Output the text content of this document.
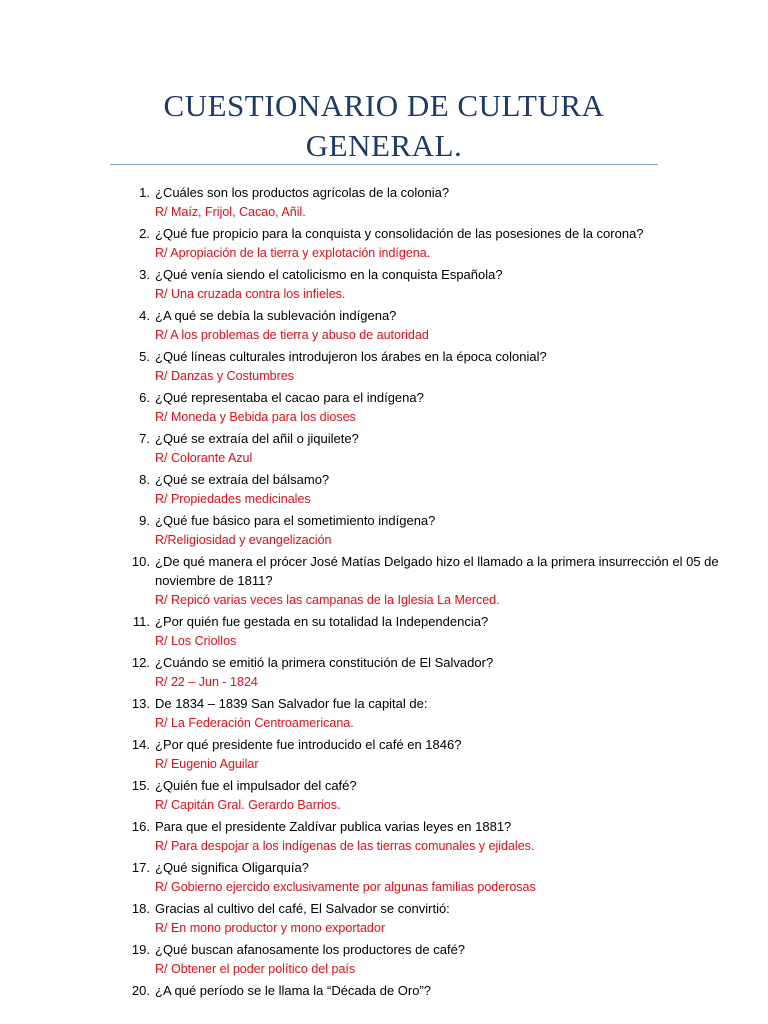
CUESTIONARIO DE CULTURA
GENERAL.
1. ¿Cuáles son los productos agrícolas de la colonia?
R/ Maíz, Frijol, Cacao, Añil.
2. ¿Qué fue propicio para la conquista y consolidación de las posesiones de la corona?
R/ Apropiación de la tierra y explotación indígena.
3. ¿Qué venía siendo el catolicismo en la conquista Española?
R/ Una cruzada contra los infieles.
4. ¿A qué se debía la sublevación indígena?
R/ A los problemas de tierra y abuso de autoridad
5. ¿Qué líneas culturales introdujeron los árabes en la época colonial?
R/ Danzas y Costumbres
6. ¿Qué representaba el cacao para el indígena?
R/ Moneda y Bebida para los dioses
7. ¿Qué se extraía del añil o jiquilete?
R/ Colorante Azul
8. ¿Qué se extraía del bálsamo?
R/ Propiedades medicinales
9. ¿Qué fue básico para el sometimiento indígena?
R/Religiosidad y evangelización
10. ¿De qué manera el prócer José Matías Delgado hizo el llamado a la primera insurrección el 05 de noviembre de 1811?
R/ Repicó varias veces las campanas de la Iglesia La Merced.
11. ¿Por quién fue gestada en su totalidad la Independencia?
R/ Los Criollos
12. ¿Cuándo se emitió la primera constitución de El Salvador?
R/ 22 – Jun - 1824
13. De 1834 – 1839 San Salvador fue la capital de:
R/ La Federación Centroamericana.
14. ¿Por qué presidente fue introducido el café en 1846?
R/ Eugenio Aguilar
15. ¿Quién fue el impulsador del café?
R/ Capitán Gral. Gerardo Barrios.
16. Para que el presidente Zaldívar publica varias leyes en 1881?
R/ Para despojar a los indígenas de las tierras comunales y ejidales.
17. ¿Qué significa Oligarquía?
R/ Gobierno ejercido exclusivamente por algunas familias poderosas
18. Gracias al cultivo del café, El Salvador se convirtió:
R/ En mono productor y mono exportador
19. ¿Qué buscan afanosamente los productores de café?
R/ Obtener el poder político del país
20. ¿A qué período se le llama la “Década de Oro”?
